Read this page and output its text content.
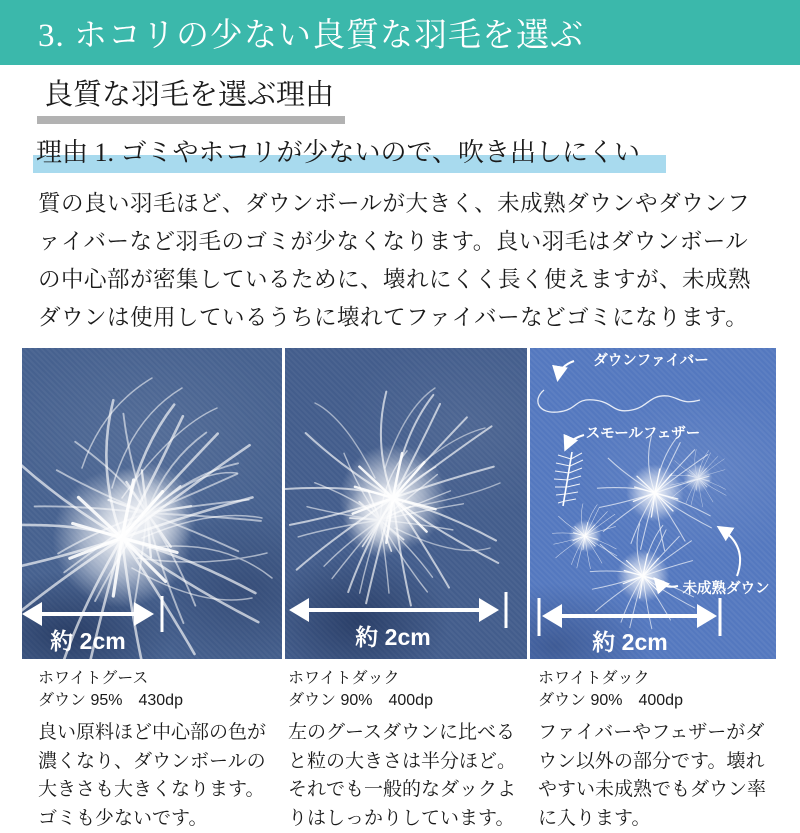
3. ホコリの少ない良質な羽毛を選ぶ
良質な羽毛を選ぶ理由
理由 1. ゴミやホコリが少ないので、吹き出しにくい

質の良い羽毛ほど、ダウンボールが大きく、未成熟ダウンやダウンファイバーなど羽毛のゴミが少なくなります。良い羽毛はダウンボールの中心部が密集しているために、壊れにくく長く使えますが、未成熟ダウンは使用しているうちに壊れてファイバーなどゴミになります。

約 2cm	約 2cm
ダウンファイバー
スモールフェザー
未成熟ダウン
約 2cm
ホワイトグース
ダウン 95%　430dp
良い原料ほど中心部の色が濃くなり、ダウンボールの大きさも大きくなります。ゴミも少ないです。
ホワイトダック
ダウン 90%　400dp
左のグースダウンに比べると粒の大きさは半分ほど。それでも一般的なダックよりはしっかりしています。
ホワイトダック
ダウン 90%　400dp
ファイバーやフェザーがダウン以外の部分です。壊れやすい未成熟でもダウン率に入ります。
